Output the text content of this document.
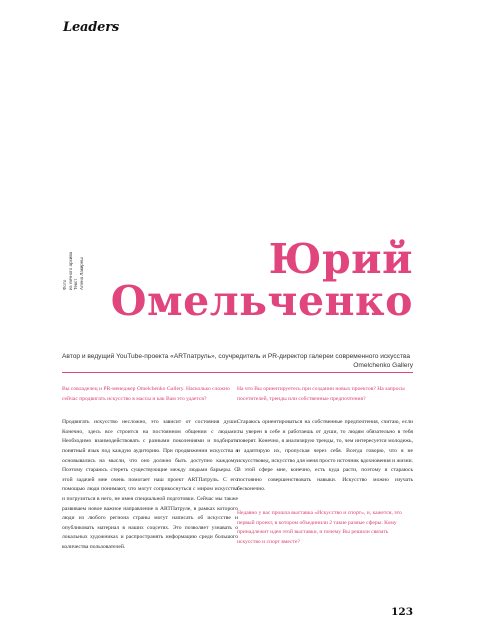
Leaders
Фото из личного архива Текст Алена Лакиреш	Юрий
Омельченко
Автор и ведущий YouTube-проекта «ARTпатруль», соучредитель и PR-директор галереи современного искусства
Omelchenko Gallery

Вы совладелец и PR-менеджер Omelchenko Gallery. Насколько сложно сейчас продвигать искусство в массы и как Вам это удается?

Продвигать искусство несложно, это зависит от состояния души. Конечно, здесь все строится на постоянном общении с людьми. Необходимо взаимодействовать с разными поколениями и подбирать понятный язык под каждую аудиторию. При продвижении искусства я основывались на мысли, что оно должно быть доступно каждому. Поэтому стараюсь стереть существующие между людьми барьеры. С этой задачей мне очень помогает наш проект ARTПатруль. С его помощью люди понимают, что могут соприкоснуться с миром искусства и погрузиться в него, не имея специальной подготовки. Сейчас мы также развиваем новое важное направление в ARTПатруле, в рамках которого люди из любого региона страны могут написать об искусстве и опубликовать материал в наших соцсетях. Это позволяет узнавать о локальных художниках и распространять информацию среди большого количества пользователей.

На что Вы ориентируетесь при создании новых проектов? На запросы посетителей, тренды или собственные предпочтения?

Стараюсь ориентироваться на собственные предпочтения, считаю, если ты уверен в себе и работаешь от души, то людям обязательно в тебя поверят. Конечно, я анализирую тренды, то, чем интересуется молодежь, и адаптирую их, пропуская через себя. Всегда говорю, что я не искусствовед, искусство для меня просто источник вдохновения и жизни. В этой сфере мне, конечно, есть куда расти, поэтому я стараюсь постоянно совершенствовать навыки. Искусство можно изучать бесконечно.

Недавно у вас прошла выставка «Искусство и спорт», и, кажется, это первый проект, в котором объединили 2 такие разные сферы. Кому принадлежит идея этой выставки, и почему Вы решили связать искусство и спорт вместе?

123
